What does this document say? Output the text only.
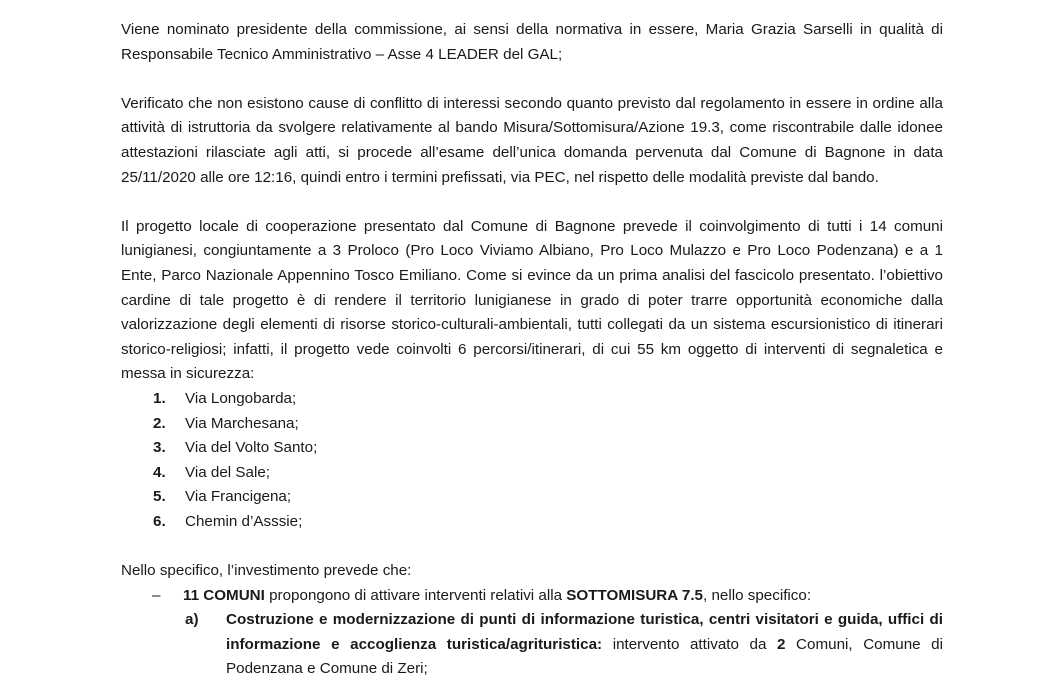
Viene nominato presidente della commissione, ai sensi della normativa in essere, Maria Grazia Sarselli in qualità di Responsabile Tecnico Amministrativo – Asse 4 LEADER del GAL;

Verificato che non esistono cause di conflitto di interessi secondo quanto previsto dal regolamento in essere in ordine alla attività di istruttoria da svolgere relativamente al bando Misura/Sottomisura/Azione 19.3, come riscontrabile dalle idonee attestazioni rilasciate agli atti, si procede all’esame dell’unica domanda pervenuta dal Comune di Bagnone in data 25/11/2020 alle ore 12:16, quindi entro i termini prefissati, via PEC, nel rispetto delle modalità previste dal bando.

Il progetto locale di cooperazione presentato dal Comune di Bagnone prevede il coinvolgimento di tutti i 14 comuni lunigianesi, congiuntamente a 3 Proloco (Pro Loco Viviamo Albiano, Pro Loco Mulazzo e Pro Loco Podenzana) e a 1 Ente, Parco Nazionale Appennino Tosco Emiliano. Come si evince da un prima analisi del fascicolo presentato. l’obiettivo cardine di tale progetto è di rendere il territorio lunigianese in grado di poter trarre opportunità economiche dalla valorizzazione degli elementi di risorse storico-culturali-ambientali, tutti collegati da un sistema escursionistico di itinerari storico-religiosi; infatti, il progetto vede coinvolti 6 percorsi/itinerari, di cui 55 km oggetto di interventi di segnaletica e messa in sicurezza:

1. Via Longobarda;
2. Via Marchesana;
3. Via del Volto Santo;
4. Via del Sale;
5. Via Francigena;
6. Chemin d’Asssie;

Nello specifico, l’investimento prevede che:

– 11 COMUNI propongono di attivare interventi relativi alla SOTTOMISURA 7.5, nello specifico:
a) Costruzione e modernizzazione di punti di informazione turistica, centri visitatori e guida, uffici di informazione e accoglienza turistica/agrituristica: intervento attivato da 2 Comuni, Comune di Podenzana e Comune di Zeri;
